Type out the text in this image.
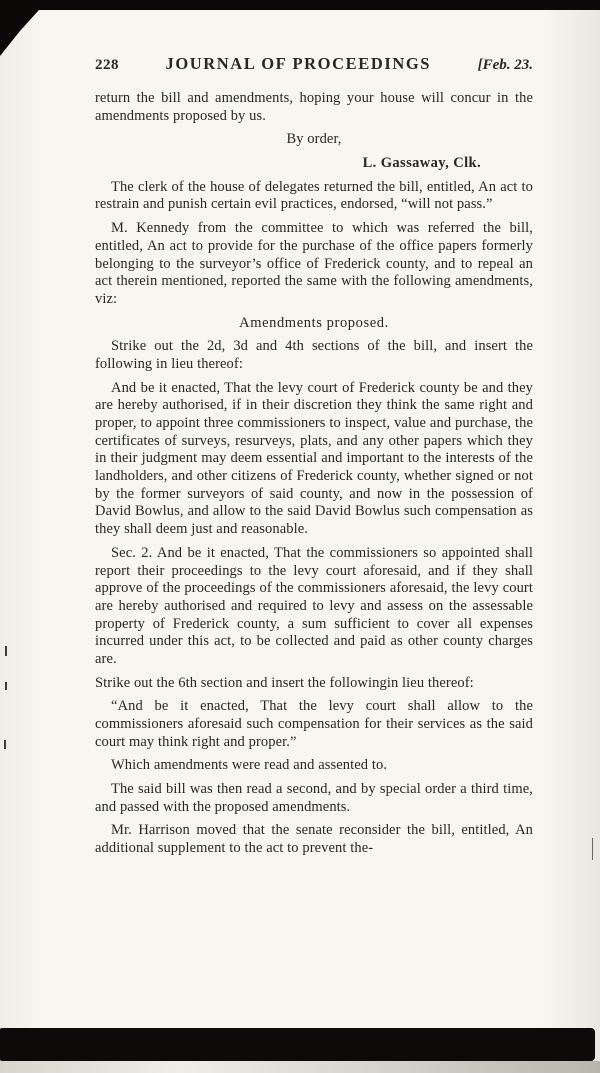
228	JOURNAL OF PROCEEDINGS	[Feb. 23.

return the bill and amendments, hoping your house will concur in the amendments proposed by us.

By order,

L. Gassaway, Clk.

The clerk of the house of delegates returned the bill, entitled, An act to restrain and punish certain evil practices, endorsed, “will not pass.”

M. Kennedy from the committee to which was referred the bill, entitled, An act to provide for the purchase of the office papers formerly belonging to the surveyor’s office of Frederick county, and to repeal an act therein mentioned, reported the same with the following amendments, viz:

Amendments proposed.

Strike out the 2d, 3d and 4th sections of the bill, and insert the following in lieu thereof:

And be it enacted, That the levy court of Frederick county be and they are hereby authorised, if in their discretion they think the same right and proper, to appoint three commissioners to inspect, value and purchase, the certificates of surveys, resurveys, plats, and any other papers which they in their judgment may deem essential and important to the interests of the landholders, and other citizens of Frederick county, whether signed or not by the former surveyors of said county, and now in the possession of David Bowlus, and allow to the said David Bowlus such compensation as they shall deem just and reasonable.

Sec. 2. And be it enacted, That the commissioners so appointed shall report their proceedings to the levy court aforesaid, and if they shall approve of the proceedings of the commissioners aforesaid, the levy court are hereby authorised and required to levy and assess on the assessable property of Frederick county, a sum sufficient to cover all expenses incurred under this act, to be collected and paid as other county charges are.

Strike out the 6th section and insert the followingin lieu thereof:

“And be it enacted, That the levy court shall allow to the commissioners aforesaid such compensation for their services as the said court may think right and proper.”

Which amendments were read and assented to.

The said bill was then read a second, and by special order a third time, and passed with the proposed amendments.

Mr. Harrison moved that the senate reconsider the bill, entitled, An additional supplement to the act to prevent the-
